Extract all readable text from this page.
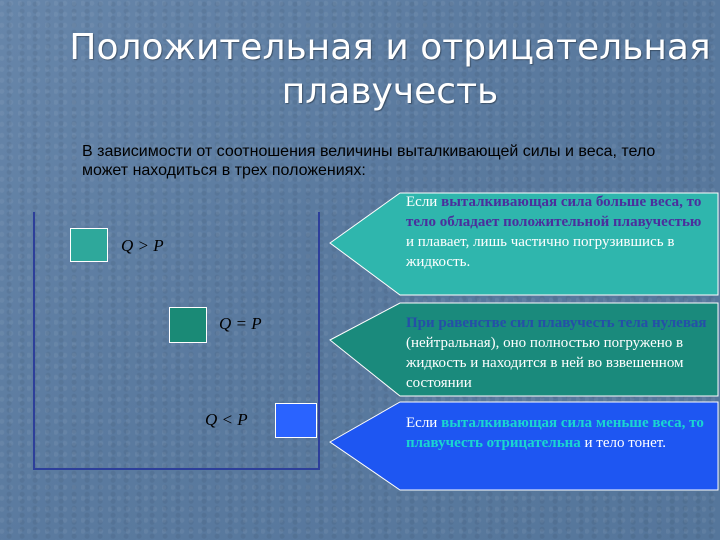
Положительная и отрицательная плавучесть
В зависимости от соотношения величины выталкивающей силы и веса, тело может находиться в трех положениях:
Q > P
Q = P
Q < P
Если выталкивающая сила больше веса, то тело обладает положительной плавучестью и плавает, лишь частично погрузившись в жидкость.
При равенстве сил плавучесть тела нулевая (нейтральная), оно полностью погружено в жидкость и находится в ней во взвешенном состоянии
Если выталкивающая сила меньше веса, то плавучесть отрицательна и тело тонет.
